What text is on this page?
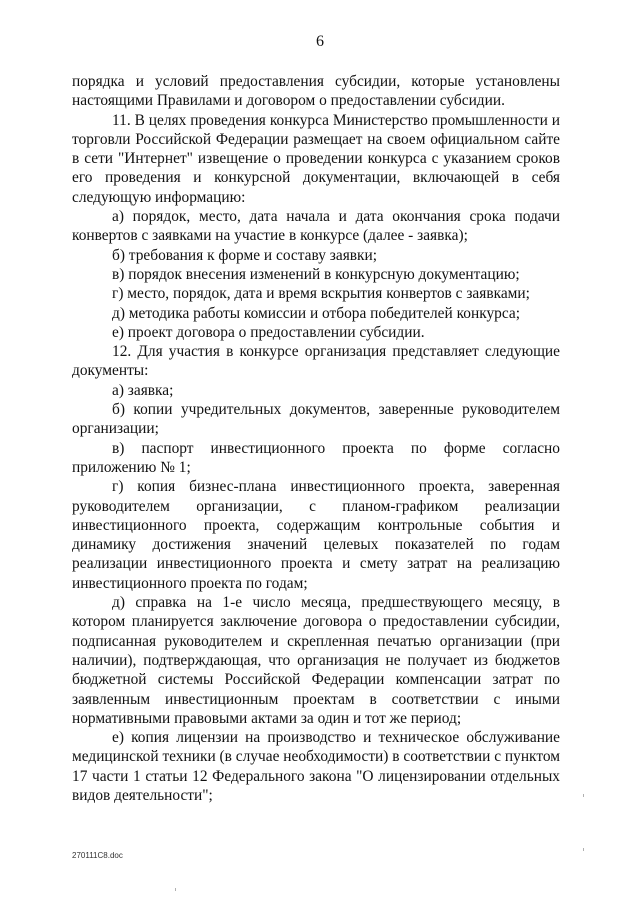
6

порядка и условий предоставления субсидии, которые установлены настоящими Правилами и договором о предоставлении субсидии.

11. В целях проведения конкурса Министерство промышленности и торговли Российской Федерации размещает на своем официальном сайте в сети "Интернет" извещение о проведении конкурса с указанием сроков его проведения и конкурсной документации, включающей в себя следующую информацию:

а) порядок, место, дата начала и дата окончания срока подачи конвертов с заявками на участие в конкурсе (далее - заявка);

б) требования к форме и составу заявки;

в) порядок внесения изменений в конкурсную документацию;

г) место, порядок, дата и время вскрытия конвертов с заявками;

д) методика работы комиссии и отбора победителей конкурса;

е) проект договора о предоставлении субсидии.

12. Для участия в конкурсе организация представляет следующие документы:

а) заявка;

б) копии учредительных документов, заверенные руководителем организации;

в) паспорт инвестиционного проекта по форме согласно приложению № 1;

г) копия бизнес-плана инвестиционного проекта, заверенная руководителем организации, с планом-графиком реализации инвестиционного проекта, содержащим контрольные события и динамику достижения значений целевых показателей по годам реализации инвестиционного проекта и смету затрат на реализацию инвестиционного проекта по годам;

д) справка на 1-е число месяца, предшествующего месяцу, в котором планируется заключение договора о предоставлении субсидии, подписанная руководителем и скрепленная печатью организации (при наличии), подтверждающая, что организация не получает из бюджетов бюджетной системы Российской Федерации компенсации затрат по заявленным инвестиционным проектам в соответствии с иными нормативными правовыми актами за один и тот же период;

е) копия лицензии на производство и техническое обслуживание медицинской техники (в случае необходимости) в соответствии с пунктом 17 части 1 статьи 12 Федерального закона "О лицензировании отдельных видов деятельности";

270111С8.doc
